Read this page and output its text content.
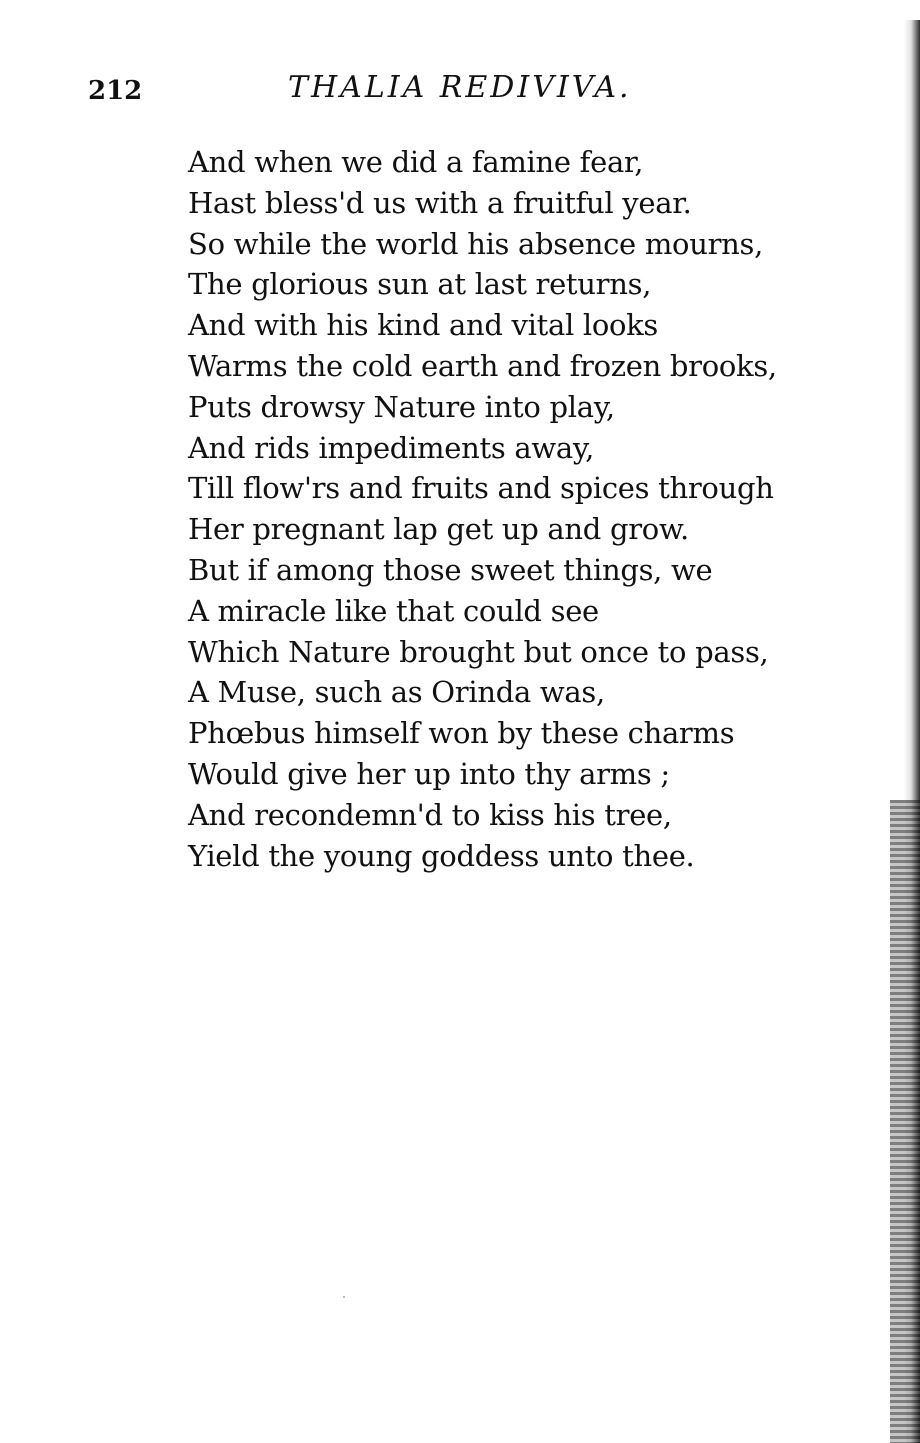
212	THALIA REDIVIVA.
And when we did a famine fear,
Hast bless'd us with a fruitful year.
So while the world his absence mourns,
The glorious sun at last returns,
And with his kind and vital looks
Warms the cold earth and frozen brooks,
Puts drowsy Nature into play,
And rids impediments away,
Till flow'rs and fruits and spices through
Her pregnant lap get up and grow.
But if among those sweet things, we
A miracle like that could see
Which Nature brought but once to pass,
A Muse, such as Orinda was,
Phœbus himself won by these charms
Would give her up into thy arms ;
And recondemn'd to kiss his tree,
Yield the young goddess unto thee.
